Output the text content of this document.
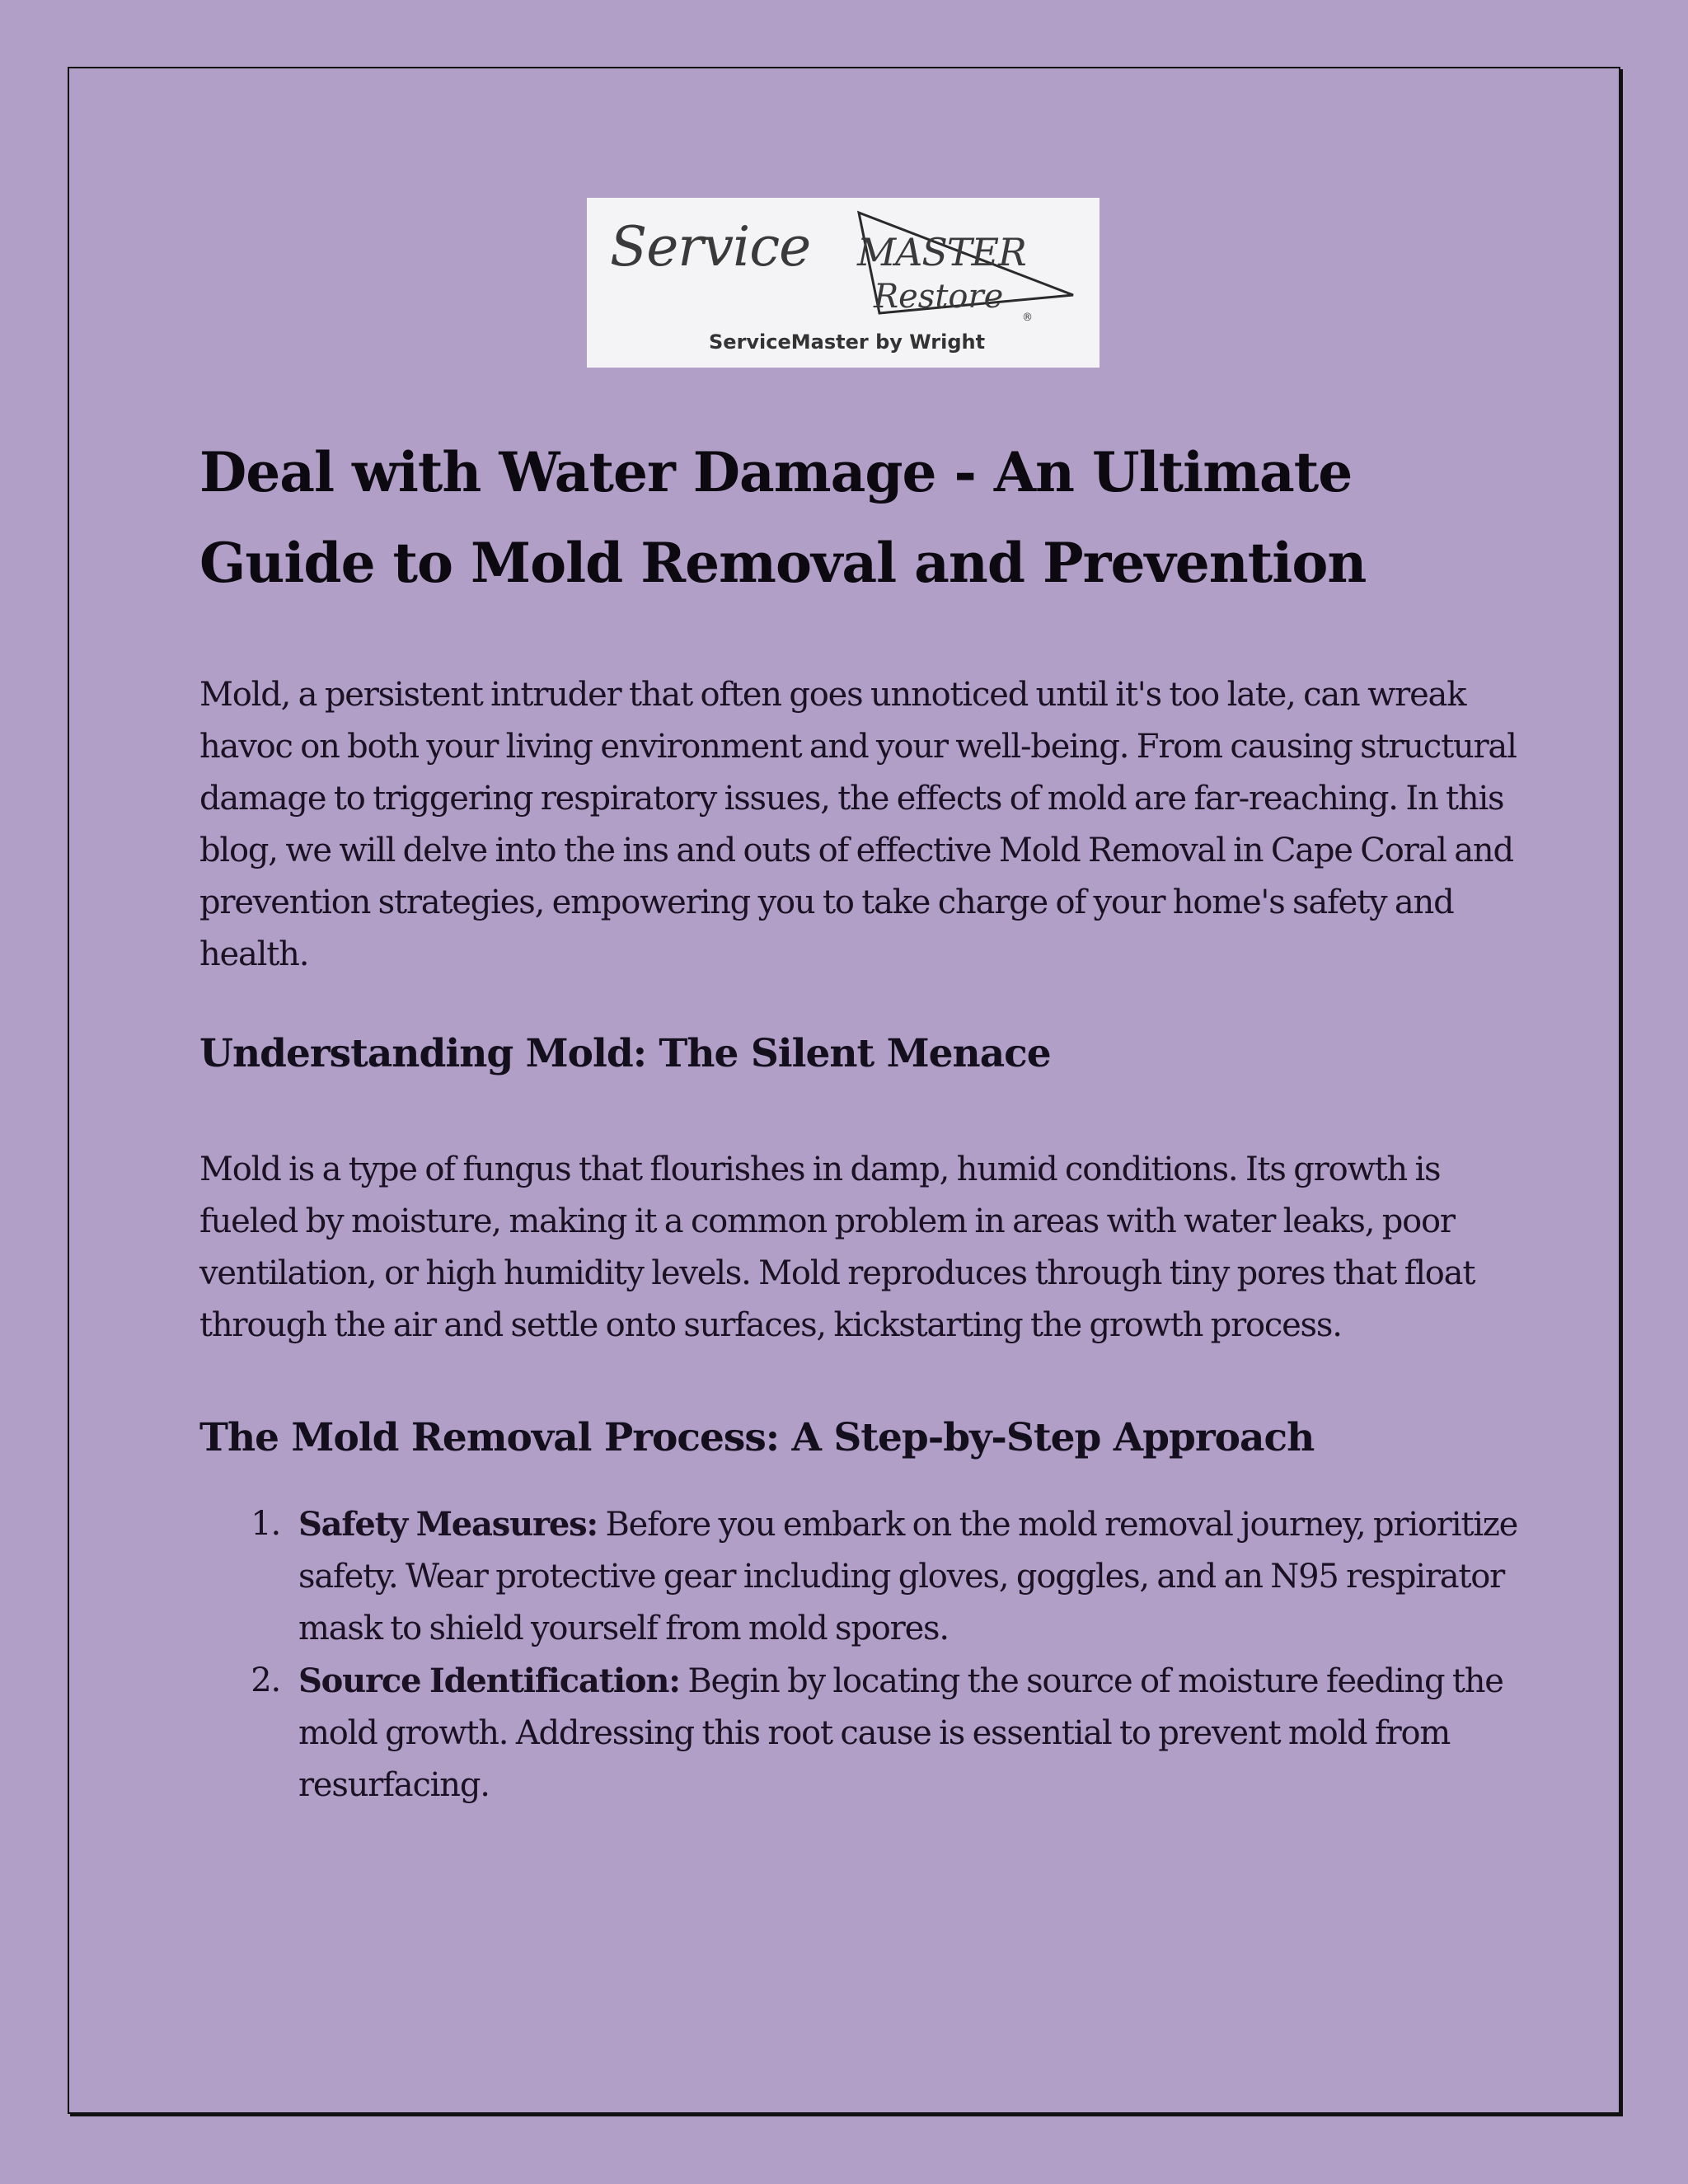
Service MASTER
Restore
®
ServiceMaster by Wright
Deal with Water Damage - An Ultimate
Guide to Mold Removal and Prevention

Mold, a persistent intruder that often goes unnoticed until it's too late, can wreak havoc on both your living environment and your well-being. From causing structural damage to triggering respiratory issues, the effects of mold are far-reaching. In this blog, we will delve into the ins and outs of effective Mold Removal in Cape Coral and prevention strategies, empowering you to take charge of your home's safety and health.

Understanding Mold: The Silent Menace

Mold is a type of fungus that flourishes in damp, humid conditions. Its growth is fueled by moisture, making it a common problem in areas with water leaks, poor ventilation, or high humidity levels. Mold reproduces through tiny pores that float through the air and settle onto surfaces, kickstarting the growth process.

The Mold Removal Process: A Step-by-Step Approach
1. Safety Measures: Before you embark on the mold removal journey, prioritize safety. Wear protective gear including gloves, goggles, and an N95 respirator mask to shield yourself from mold spores.
2. Source Identification: Begin by locating the source of moisture feeding the mold growth. Addressing this root cause is essential to prevent mold from resurfacing.
